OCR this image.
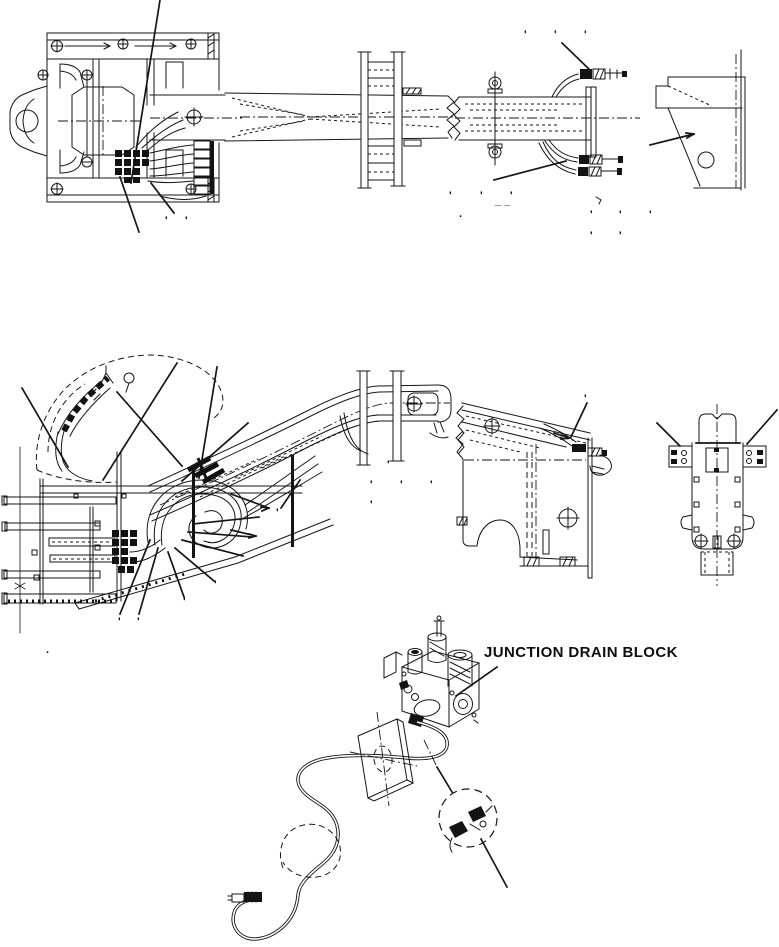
JUNCTION DRAIN BLOCK
' ' '
' '
'	' '
_ _
.	' ' '
' '
'
'
' ' '
'
'
'
'
' '
.
